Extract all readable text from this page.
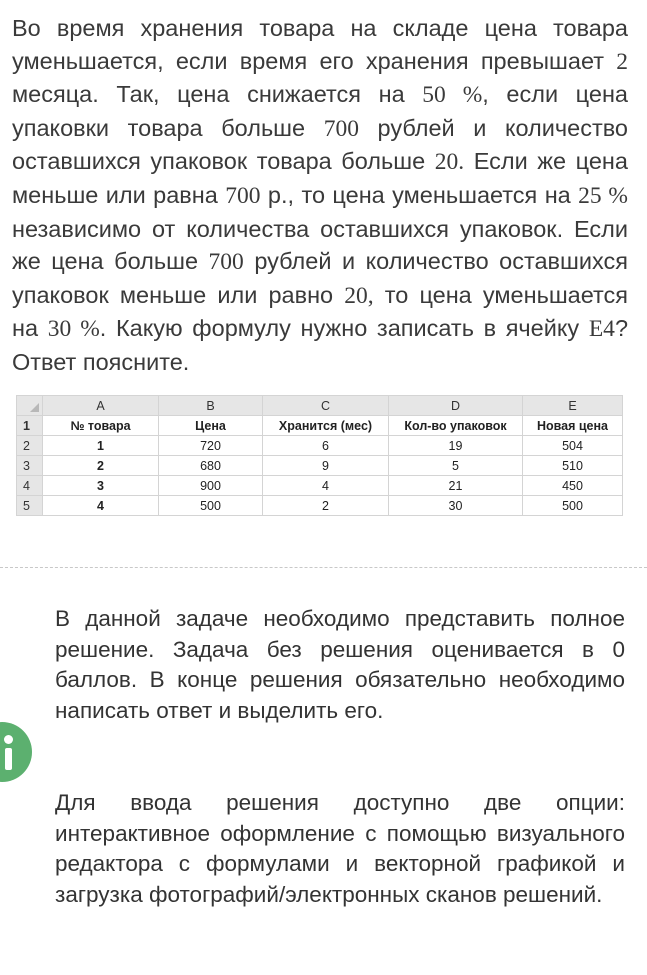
Во время хранения товара на складе цена товара уменьшается, если время его хранения превышает 2 месяца. Так, цена снижается на 50 %, если цена упаковки товара больше 700 рублей и количество оставшихся упаковок товара больше 20. Если же цена меньше или равна 700 р., то цена уменьшается на 25 % независимо от количества оставшихся упаковок. Если же цена больше 700 рублей и количество оставшихся упаковок меньше или равно 20, то цена уменьшается на 30 %. Какую формулу нужно записать в ячейку E4? Ответ поясните.
	A	B	C	D	E
1	№ товара	Цена	Хранится (мес)	Кол-во упаковок	Новая цена
2	1	720	6	19	504
3	2	680	9	5	510
4	3	900	4	21	450
5	4	500	2	30	500
В данной задаче необходимо представить полное решение. Задача без решения оценивается в 0 баллов. В конце решения обязательно необходимо написать ответ и выделить его.
Для ввода решения доступно две опции: интерактивное оформление с помощью визуального редактора с формулами и векторной графикой и загрузка фотографий/электронных сканов решений.
